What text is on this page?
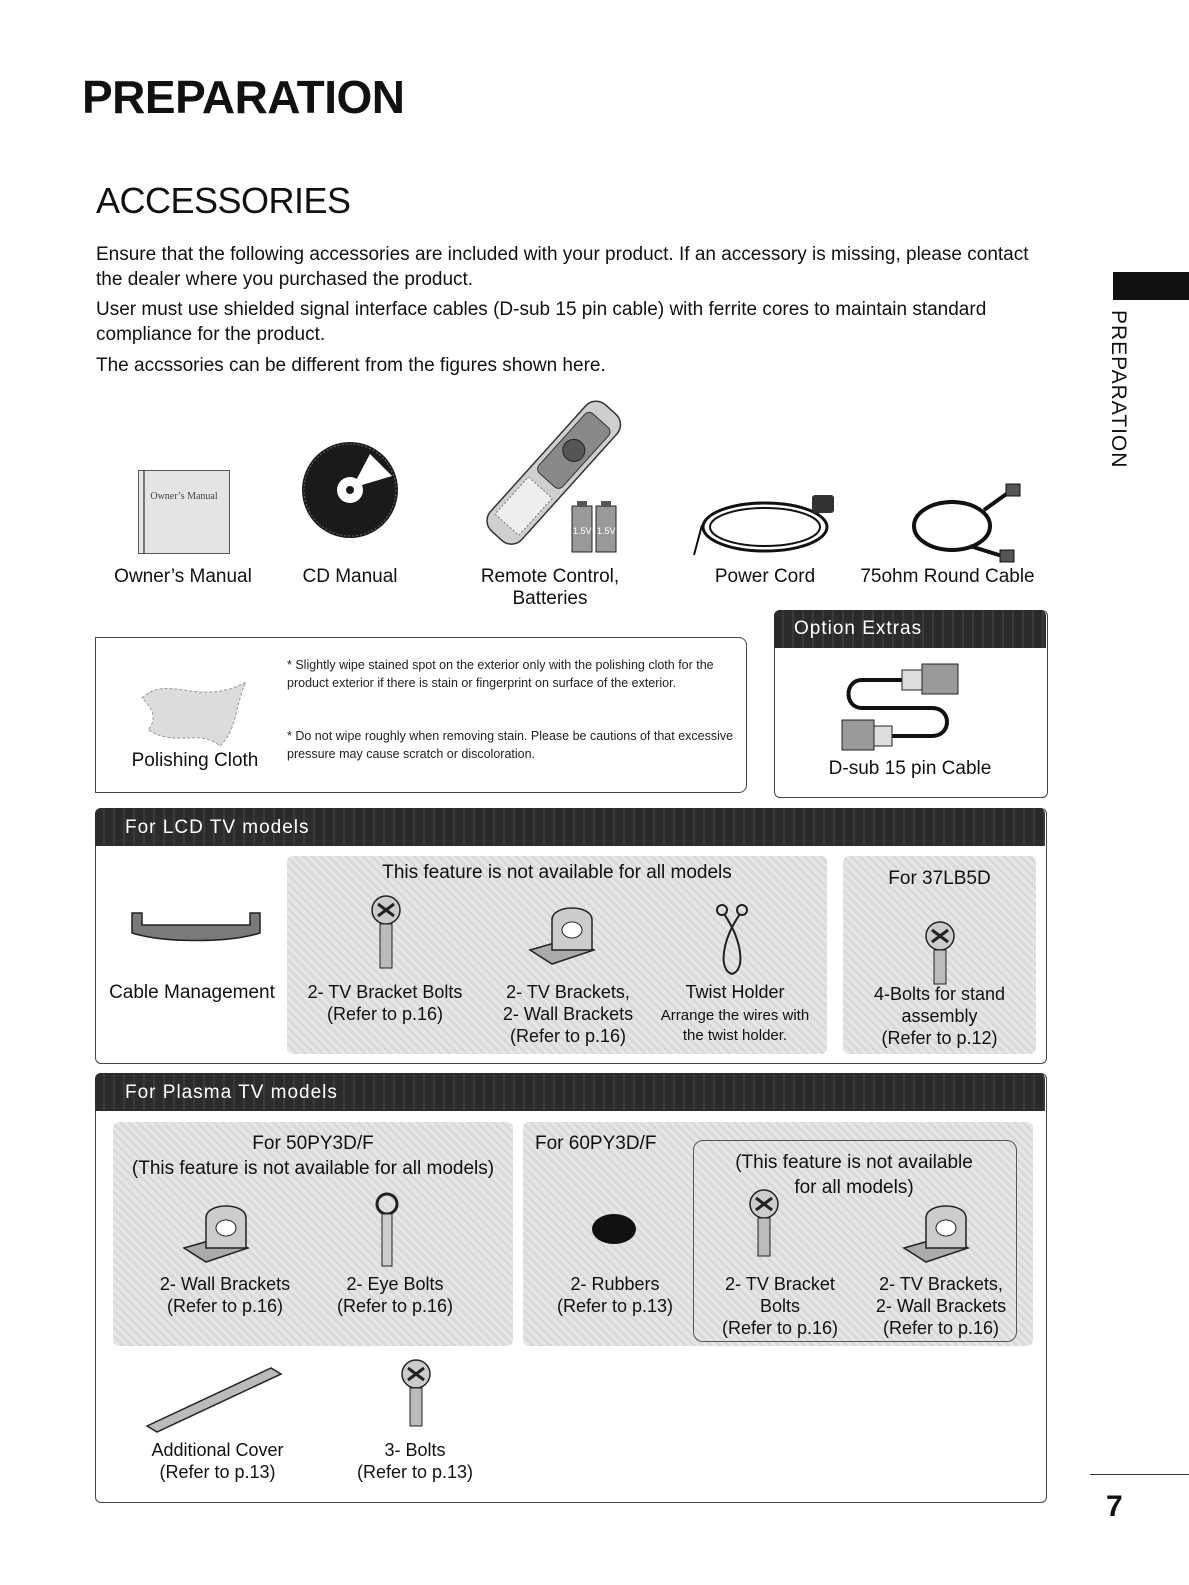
PREPARATION
ACCESSORIES
Ensure that the following accessories are included with your product. If an accessory is missing, please contact the dealer where you purchased the product.
User must use shielded signal interface cables (D-sub 15 pin cable) with ferrite cores to maintain standard compliance for the product.
The accssories can be different from the figures shown here.	PREPARATION
Owner’s Manual
Owner’s Manual	CD Manual
1.5V 1.5V
Remote Control,
Batteries
Power Cord	75ohm Round Cable
Polishing Cloth
* Slightly wipe stained spot on the exterior only with the polishing cloth for the product exterior if there is stain or fingerprint on surface of the exterior.
* Do not wipe roughly when removing stain. Please be cautions of that excessive pressure may cause scratch or discoloration.
Option Extras
D-sub 15 pin Cable
For LCD TV models
Cable Management
This feature is not available for all models
2- TV Bracket Bolts
(Refer to p.16)
2- TV Brackets,
2- Wall Brackets
(Refer to p.16)
Twist Holder
Arrange the wires with
the twist holder.
For 37LB5D
4-Bolts for stand
assembly
(Refer to p.12)
For Plasma TV models
For 50PY3D/F
(This feature is not available for all models)
2- Wall Brackets
(Refer to p.16)
2- Eye Bolts
(Refer to p.16)
For 60PY3D/F
(This feature is not available
for all models)
2- Rubbers
(Refer to p.13)
2- TV Bracket
Bolts
(Refer to p.16)
2- TV Brackets,
2- Wall Brackets
(Refer to p.16)
Additional Cover
(Refer to p.13)
3- Bolts
(Refer to p.13)
7
